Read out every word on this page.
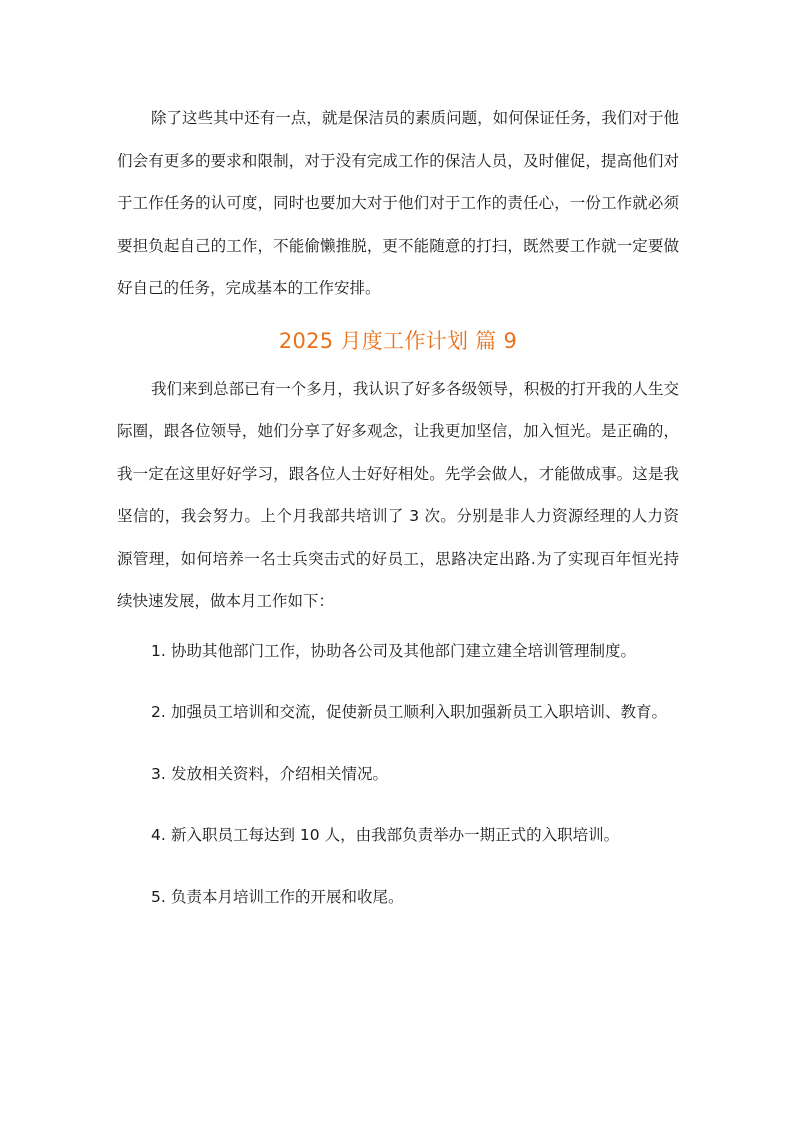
除了这些其中还有一点，就是保洁员的素质问题，如何保证任务，我们对于他们会有更多的要求和限制，对于没有完成工作的保洁人员，及时催促，提高他们对于工作任务的认可度，同时也要加大对于他们对于工作的责任心，一份工作就必须要担负起自己的工作，不能偷懒推脱，更不能随意的打扫，既然要工作就一定要做好自己的任务，完成基本的工作安排。

2025 月度工作计划 篇 9

我们来到总部已有一个多月，我认识了好多各级领导，积极的打开我的人生交际圈，跟各位领导，她们分享了好多观念，让我更加坚信，加入恒光。是正确的，我一定在这里好好学习，跟各位人士好好相处。先学会做人，才能做成事。这是我坚信的，我会努力。上个月我部共培训了 3 次。分别是非人力资源经理的人力资源管理，如何培养一名士兵突击式的好员工，思路决定出路.为了实现百年恒光持续快速发展，做本月工作如下：

1. 协助其他部门工作，协助各公司及其他部门建立建全培训管理制度。
2. 加强员工培训和交流，促使新员工顺利入职加强新员工入职培训、教育。
3. 发放相关资料，介绍相关情况。
4. 新入职员工每达到 10 人，由我部负责举办一期正式的入职培训。
5. 负责本月培训工作的开展和收尾。
